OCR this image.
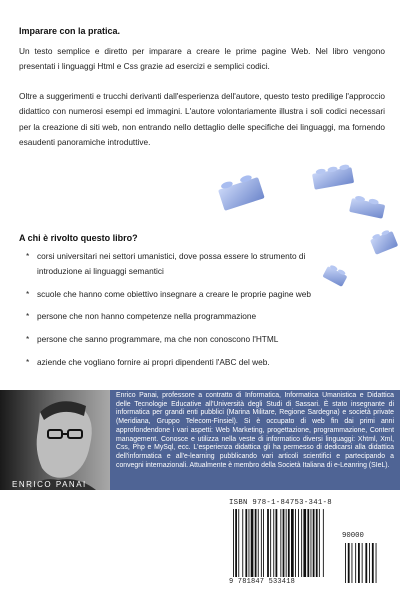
Imparare con la pratica.

Un testo semplice e diretto per imparare a creare le prime pagine Web. Nel libro vengono presentati i linguaggi Html e Css grazie ad esercizi e semplici codici.

Oltre a suggerimenti e trucchi derivanti dall'esperienza dell'autore, questo testo predilige l'approccio didattico con numerosi esempi ed immagini. L'autore volontariamente illustra i soli codici necessari per la creazione di siti web, non entrando nello dettaglio delle specifiche dei linguaggi, ma fornendo esaudenti panoramiche introduttive.

A chi è rivolto questo libro?
* corsi universitari nei settori umanistici, dove possa essere lo strumento di introduzione ai linguaggi semantici
* scuole che hanno come obiettivo insegnare a creare le proprie pagine web
* persone che non hanno competenze nella programmazione
* persone che sanno programmare, ma che non conoscono l'HTML
* aziende che vogliano fornire ai propri dipendenti l'ABC del web.
ENRICO PANAI

Enrico Panai, professore a contratto di Informatica, Informatica Umanistica e Didattica delle Tecnologie Educative all'Università degli Studi di Sassari. È stato insegnante di informatica per grandi enti pubblici (Marina Militare, Regione Sardegna) e società private (Meridiana, Gruppo Telecom-Finsiel). Si è occupato di web fin dai primi anni approfondendone i vari aspetti: Web Marketing, progettazione, programmazione, Content management. Conosce e utilizza nella veste di informatico diversi linguaggi: Xhtml, Xml, Css, Php e MySql, ecc. L'esperienza didattica gli ha permesso di dedicarsi alla didattica dell'informatica e all'e-learning pubblicando vari articoli scientifici e partecipando a convegni internazionali. Attualmente è membro della Società Italiana di e-Leanring (SIeL).

ISBN 978-1-84753-341-8
90000
9 781847 533418
